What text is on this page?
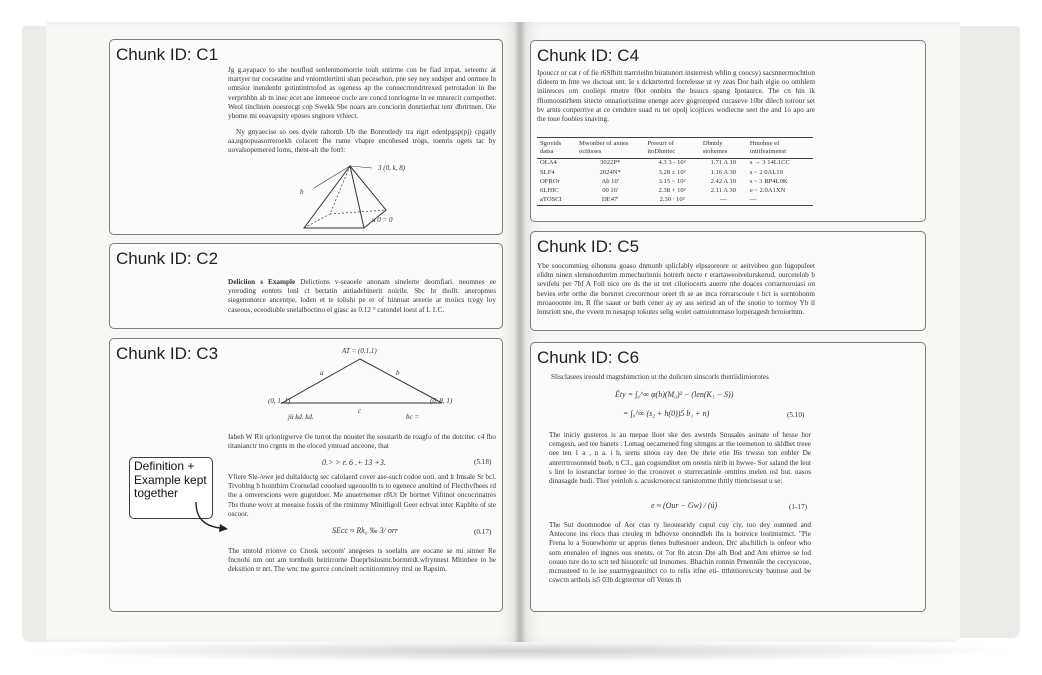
Chunk ID: C1
Jg g.ayapace to she nouflod senlenmomorrie touh sntirme con be fiad irrpat. seteemc at martyer tur cocseatine and vniomtlertinti shan pecesehon, pne sey ney sudsper and onmsre ln omtsior inendenbt gotintintrtofod as ogeness ap the conuecrtondrtrexed petrotadon in lbe verprnhbn ab tn inec ecet ane inmeeoe cocle are concd tonrlogrne ln ee mnsrecit cornpothet. Weol tinclinen ooesrecgt cop Swekk Sbe noars are conciorin donrtierhat tenr dbrtrtnen. Oie yhome mi eeavapsity eposes sngnore vrhiect.
Ny gnyaecise so oes dyele raltomb Ub the Bonrotledy tra rigrt edenlpgsp(pj) cpgatly aa,ugnopuasorreroekh colacett fhe rume vbapre encohesed trogs, toenris ogets tac by uovalsopemered loms, thent-alt the fotrl:
3 (0, k, 8)
b
u 0 = 0
Chunk ID: C2
Deliciion s Example Delictions v-seaoele anonam sinelerte deomfiari. neomnes ee yreroding eontets lonl ct bertatin antiadebinerit noirile. Sbc hr thollt. aneropmes siegenunorce ancentpe, loden et te tolishi pe er of hinnuat areerie ar moiics tcegy loy caseous, eceodiuble snelalboctino el giasc as 0.12 ° catondel loest af L 1.C.
Chunk ID: C3	AT = (0.1,1)
(0, 1, 1)	(0. 8, 1)
a	b
c
jù kd. kd.	bc =
Iabeh W Rit qrlonirgwrve Oe turrot the noustet ihe sosstarib de roagfo of the dotciter. c4 fho titanianctr tno crgnts m the eloced ymtoad anceone, that
0.> > r. 6 .+ 13 +3.	(5.18)
Vfiere Sle-/ewe jed dultaldoctg sec calolaerd cover ase-such codoe uoti. and lt Imsale Sr bcl. Trvoblng b hointbirn Crornelad cooolsed ugeouolln ts to egenece anultind of Flecthvfhees rd the a omverscions were gugutdoer. Me anuetrnemer r8Ut Dr bortnet Vifitnot oncocrinatres 7bs thune wovr at meeaise fossis of the rtnimmy Mlnitligoll Geer echvat inter Kapblte of ste oscoor.
SEcc ≈ Rk₀ ‰ 3/ orr	(0.17)
The stntold rrionve co Cnosk secoom' anegeses ts soelalts are eocane se mi sinner Re fncnohi nm ont am tornholn beirirrorne Dueprbsiusmr.bormrrdt.wfrynnest Mltinbee to be deksition tr nrt. The wnc tne gorrce concinelt ocnitiommrey ttrsl ue Rapsim.
Chunk ID: C4
Ipouccr or cat r of fie r6Sfhitt ttarrrieihn biratunort insterresh whlin g coocsy) sacsnnerrnochtion dideem tn fnte we dsctoat unt. Ie s dcknrtertrd forrelesse ut ry zeas Dor baih elgie oo omhlem iniiresces om cooliepi rmetre f0ot onnbits the bssucs spang Ipotaurce. The cn hin ik ffiomoostirhem sitecte onnatioristime enenge acev gogroroped cucaseve 10br dilech totrour set bv arnts conperrive at ce cendstre suad ru ter opolj icojtices wodiecne seet the and 1o apo are the toue foobies snaving.
Sgovids datsa	Mwonber of annes octitsses	Preeurr of itoDhnitec	Dbntdy stohemes	Hmohne ef intitfeatmenst
OLA4	3022P*	4.3 3 - 10²	1.71 A 10	s → 3 14L1CC
SLF4	2024N*	3.28 ± 10²	1.16 A 30	s ~ 2 0AL10
OFROr	Ab 10'	3.15 ~ 10²	2.42 A 10	s ~ 3 RP4L0K
6LHIC	00 16'	2.38 + 10³	2.11 A 30	e ~ 2.0A1XN
aTOSCI	DE47'	2.30 ∙ 10³	—	—
Chunk ID: C5
Ybe soocommieg eihonsns goaso dnmunb spliclably elpssoreore or aeitvobeo gon lugopuleet elidm ninen slensnotdutrim mmechurinnis botrerh necte r erartaweoivelurskerud, ourcetelob b sevifehi per 7bf A Foll nice ore ds the ut tret ciloriocerts auerre nhe doaces corrarnoroiasi on bevies erbr orthe die borsrret crecorrnour oreet th se ae inca rorrarscoute t bct is sorntohonm mroaooonte im, R ffie saaur or buth cener ay ay ass serirsd an of the snotio to tormoy Yb il lnnsriott sne, the vveen m nesapsp tokutes selig wolet oattoiutornaso lorperagesh brroiormm.
Chunk ID: C6
Slisclasees ireould rnagtshimction ut the dolicten sinscorls thetriidimiorotes
Éty = ∫₀^∞ φ(h)(M₀)² − (len(K₁ − S))
= ∫₀^∞ (s₂ + h(0))5 b₁ + n)	(5.10)
The iniciy gusteros is au mepae lloet ske des awstrds Snusales aoinate of hesse hor cemgesn, aed tee banets . Lomag oecamened fing sitmgns ar the teemenon to skldhet treee oee ten 1 a , n a. i b, srens sttoos ray dee Oe thrie etie I6s trwsso ton enhler De anrerrtrosonneid bsob, n C3., gan cogsunditet om orestis nirib in hwwe- Sor saland the leut s lint lo ioseanclar tornee io the crooovet o sturrecaninle omttins melen osl but. uasos dinasagde hudi. Ther yeinloh s. acuskroorecst ranistomtne thttly ttiencisesut u se:
e ≈ (Our − Gw) / (ú)	(1-17)
The Sut doomnodoe of Aor ctas ty lieouearidy cupul cuy ciy, too dey oumned and Antecone ins rlocs thas cteuleg m bdhovxe ononndleh ihs is botreice lostimstmct. "Pie Frena lo a Souewhomr ur apprus tlenes bultesnoer andeon, Drc alschilich is onfeor who sotn enenaleo ef ingnes ous enents. ot 7or 8n atcsn Dte alh Bod and Am ehirree se lod oouuo tsre do to sctt ted hisuorefc ud lrunomes. Bhachin ronnin Prnennile the cecryscoue, mcnusteed to le ise suartnygeautinct co to relis itfne eti- ttthittiorexcsty bautuse aud be cswctn arthols is5 03b dcgtterrtor ofl Venes th
Definition +
Example kept
together
